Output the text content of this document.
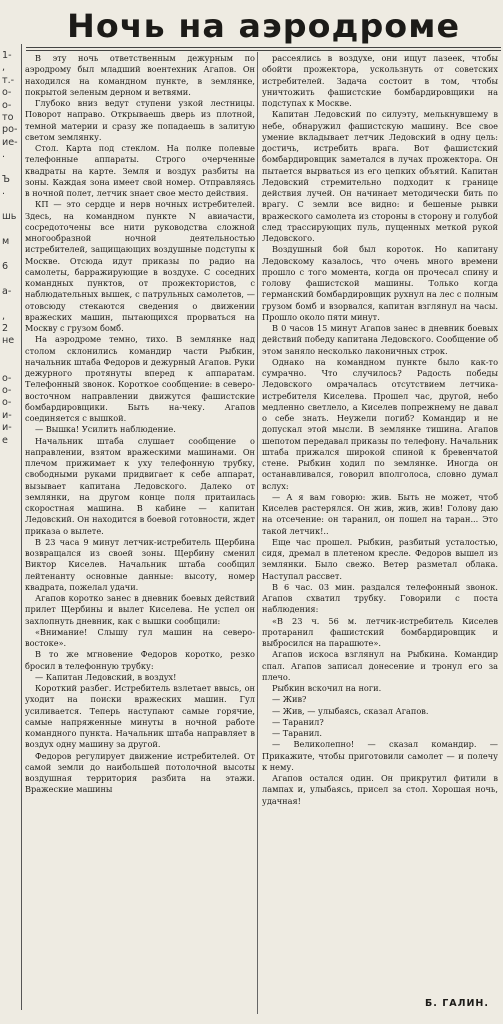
Ночь на аэродроме
1-
,
т.-
о-
о-
то
ро-
ие-
.

Ъ
.

шь

м

6

а-

,
2
не

о-
о-
о-
и-
и-
е

В эту ночь ответственным дежурным по аэродрому был младший воентехник Агапов. Он находился на командном пункте, в землянке, покрытой зеленым дерном и ветвями.

Глубоко вниз ведут ступени узкой лестницы. Поворот направо. Открываешь дверь из плотной, темной материи и сразу же попадаешь в залитую светом землянку.

Стол. Карта под стеклом. На полке полевые телефонные аппараты. Строго очерченные квадраты на карте. Земля и воздух разбиты на зоны. Каждая зона имеет свой номер. Отправляясь в ночной полет, летчик знает свое место действия.

КП — это сердце и нерв ночных истребителей. Здесь, на командном пункте N авиачасти, сосредоточены все нити руководства сложной многообразной ночной деятельностью истребителей, защищающих воздушные подступы к Москве. Отсюда идут приказы по радио на самолеты, барражирующие в воздухе. С соседних командных пунктов, от прожектористов, с наблюдательных вышек, с патрульных самолетов, — отовсюду стекаются сведения о движении вражеских машин, пытающихся прорваться на Москву с грузом бомб.

На аэродроме темно, тихо. В землянке над столом склонились командир части Рыбкин, начальник штаба Федоров и дежурный Агапов. Руки дежурного протянуты вперед к аппаратам. Телефонный звонок. Короткое сообщение: в северо-восточном направлении движутся фашистские бомбардировщики. Быть на-чеку. Агапов соединяется с вышкой.

— Вышка! Усилить наблюдение.

Начальник штаба слушает сообщение о направлении, взятом вражескими машинами. Он плечом прижимает к уху телефонную трубку, свободными руками придвигает к себе аппарат, вызывает капитана Ледовского. Далеко от землянки, на другом конце поля притаилась скоростная машина. В кабине — капитан Ледовский. Он находится в боевой готовности, ждет приказа о вылете.

В 23 часа 9 минут летчик-истребитель Щербина возвращался из своей зоны. Щербину сменил Виктор Киселев. Начальник штаба сообщил лейтенанту основные данные: высоту, номер квадрата, пожелал удачи.

Агапов коротко занес в дневник боевых действий прилет Щербины и вылет Киселева. Не успел он захлопнуть дневник, как с вышки сообщили:

«Внимание! Слышу гул машин на северо-востоке».

В то же мгновение Федоров коротко, резко бросил в телефонную трубку:

— Капитан Ледовский, в воздух!

Короткий разбег. Истребитель взлетает ввысь, он уходит на поиски вражеских машин. Гул усиливается. Теперь наступают самые горячие, самые напряженные минуты в ночной работе командного пункта. Начальник штаба направляет в воздух одну машину за другой.

Федоров регулирует движение истребителей. От самой земли до наибольшей потолочной высоты воздушная территория разбита на этажи. Вражеские машины

рассеялись в воздухе, они ищут лазеек, чтобы обойти прожектора, ускользнуть от советских истребителей. Задача состоит в том, чтобы уничтожить фашистские бомбардировщики на подступах к Москве.

Капитан Ледовский по силуэту, мелькнувшему в небе, обнаружил фашистскую машину. Все свое умение вкладывает летчик Ледовский в одну цель: достичь, истребить врага. Вот фашистский бомбардировщик заметался в лучах прожектора. Он пытается вырваться из его цепких объятий. Капитан Ледовский стремительно подходит к границе действия лучей. Он начинает методически бить по врагу. С земли все видно: и бешеные рывки вражеского самолета из стороны в сторону и голубой след трассирующих пуль, пущенных меткой рукой Ледовского.

Воздушный бой был короток. Но капитану Ледовскому казалось, что очень много времени прошло с того момента, когда он прочесал спину и голову фашистской машины. Только когда германский бомбардировщик рухнул на лес с полным грузом бомб и взорвался, капитан взглянул на часы. Прошло около пяти минут.

В 0 часов 15 минут Агапов занес в дневник боевых действий победу капитана Ледовского. Сообщение об этом заняло несколько лаконичных строк.

Однако на командном пункте было как-то сумрачно. Что случилось? Радость победы Ледовского омрачалась отсутствием летчика-истребителя Киселева. Прошел час, другой, небо медленно светлело, а Киселев попрежнему не давал о себе знать. Неужели погиб? Командир и не допускал этой мысли. В землянке тишина. Агапов шепотом передавал приказы по телефону. Начальник штаба прижался широкой спиной к бревенчатой стене. Рыбкин ходил по землянке. Иногда он останавливался, говорил вполголоса, словно думал вслух:

— А я вам говорю: жив. Быть не может, чтоб Киселев растерялся. Он жив, жив, жив! Голову даю на отсечение: он таранил, он пошел на таран... Это такой летчик!..

Еще час прошел. Рыбкин, разбитый усталостью, сидя, дремал в плетеном кресле. Федоров вышел из землянки. Было свежо. Ветер разметал облака. Наступал рассвет.

В 6 час. 03 мин. раздался телефонный звонок. Агапов схватил трубку. Говорили с поста наблюдения:

«В 23 ч. 56 м. летчик-истребитель Киселев протаранил фашистский бомбардировщик и выбросился на парашюте».

Агапов искоса взглянул на Рыбкина. Командир спал. Агапов записал донесение и тронул его за плечо.

Рыбкин вскочил на ноги.

— Жив?

— Жив, — улыбаясь, сказал Агапов.

— Таранил?

— Таранил.

— Великолепно! — сказал командир. — Прикажите, чтобы приготовили самолет — и полечу к нему.

Агапов остался один. Он прикрутил фитили в лампах и, улыбаясь, присел за стол. Хорошая ночь, удачная!

Б. ГАЛИН.
